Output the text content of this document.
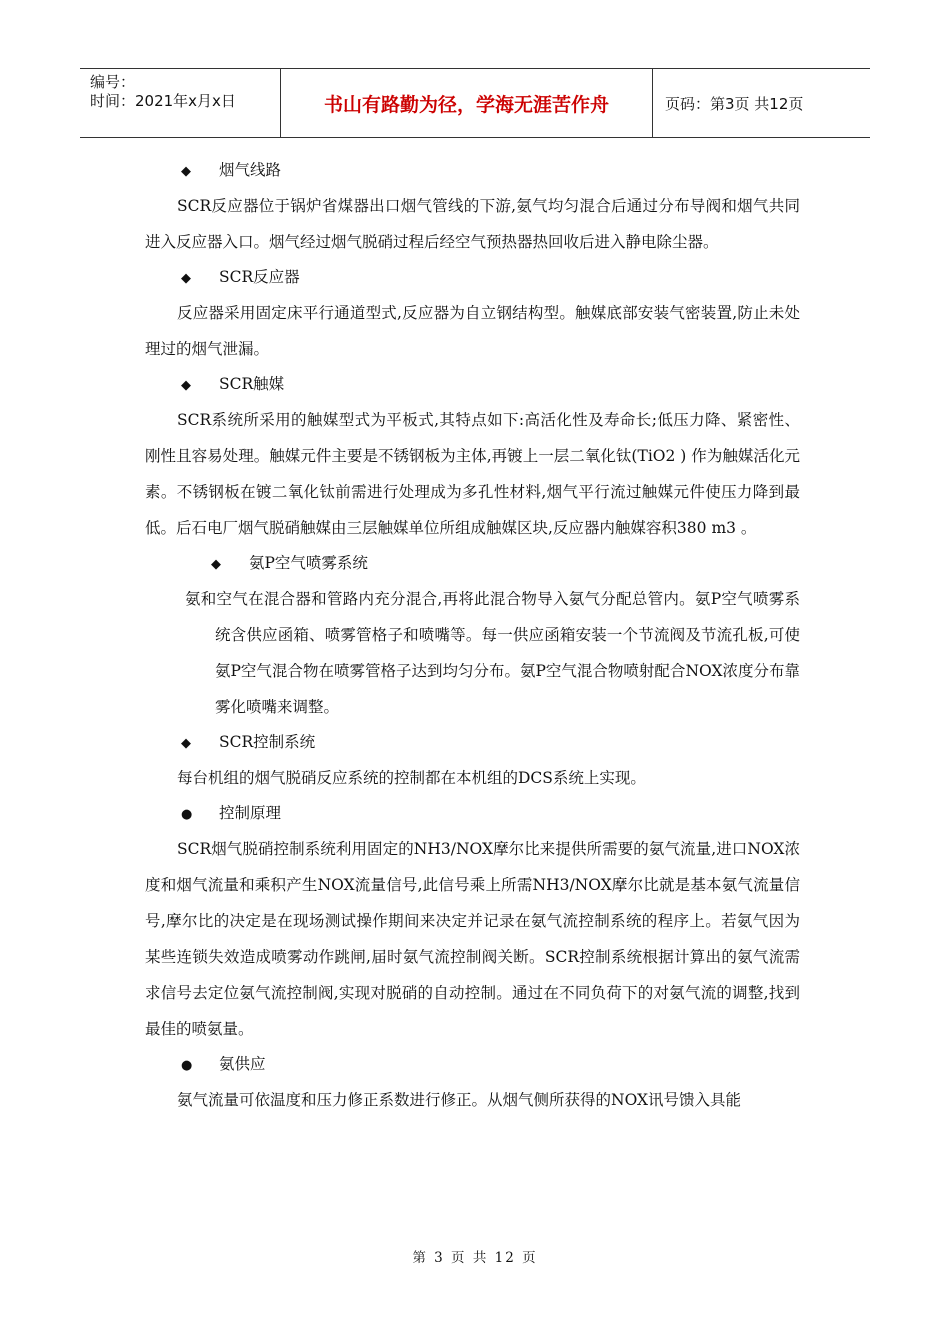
编号：
时间：2021年x月x日	书山有路勤为径，学海无涯苦作舟	页码：第3页 共12页
◆ 烟气线路

SCR反应器位于锅炉省煤器出口烟气管线的下游,氨气均匀混合后通过分布导阀和烟气共同进入反应器入口。烟气经过烟气脱硝过程后经空气预热器热回收后进入静电除尘器。

◆ SCR反应器

反应器采用固定床平行通道型式,反应器为自立钢结构型。触媒底部安装气密装置,防止未处理过的烟气泄漏。

◆ SCR触媒

SCR系统所采用的触媒型式为平板式,其特点如下:高活化性及寿命长;低压力降、紧密性、刚性且容易处理。触媒元件主要是不锈钢板为主体,再镀上一层二氧化钛(TiO2 ) 作为触媒活化元素。不锈钢板在镀二氧化钛前需进行处理成为多孔性材料,烟气平行流过触媒元件使压力降到最低。后石电厂烟气脱硝触媒由三层触媒单位所组成触媒区块,反应器内触媒容积380 m3 。

◆ 氨P空气喷雾系统

氨和空气在混合器和管路内充分混合,再将此混合物导入氨气分配总管内。氨P空气喷雾系统含供应函箱、喷雾管格子和喷嘴等。每一供应函箱安装一个节流阀及节流孔板,可使氨P空气混合物在喷雾管格子达到均匀分布。氨P空气混合物喷射配合NOX浓度分布靠雾化喷嘴来调整。

◆ SCR控制系统

每台机组的烟气脱硝反应系统的控制都在本机组的DCS系统上实现。

● 控制原理

SCR烟气脱硝控制系统利用固定的NH3/NOX摩尔比来提供所需要的氨气流量,进口NOX浓度和烟气流量和乘积产生NOX流量信号,此信号乘上所需NH3/NOX摩尔比就是基本氨气流量信号,摩尔比的决定是在现场测试操作期间来决定并记录在氨气流控制系统的程序上。若氨气因为某些连锁失效造成喷雾动作跳闸,届时氨气流控制阀关断。SCR控制系统根据计算出的氨气流需求信号去定位氨气流控制阀,实现对脱硝的自动控制。通过在不同负荷下的对氨气流的调整,找到最佳的喷氨量。

● 氨供应

氨气流量可依温度和压力修正系数进行修正。从烟气侧所获得的NOX讯号馈入具能

第 3 页 共 12 页
